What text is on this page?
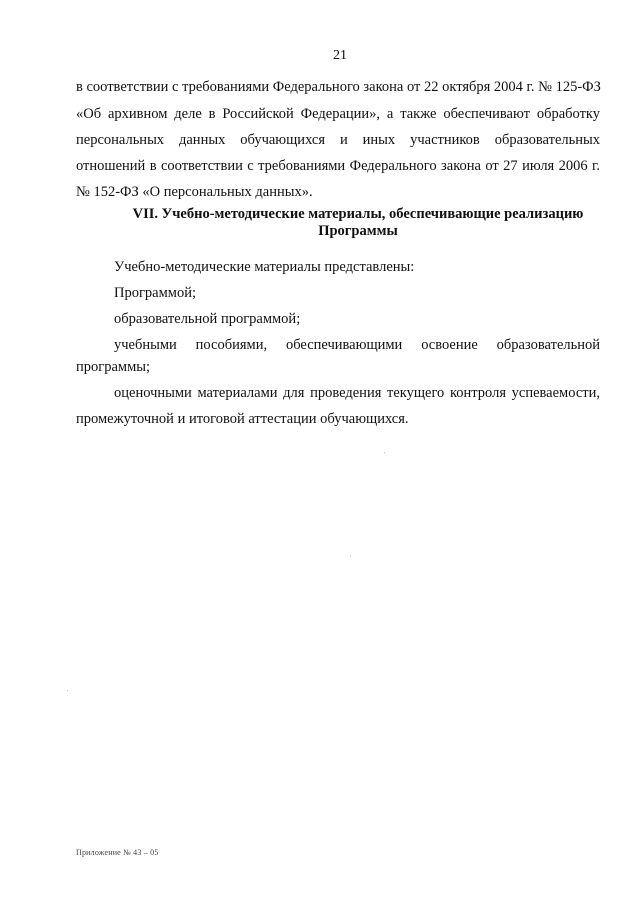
21
в соответствии с требованиями Федерального закона от 22 октября 2004 г. № 125-ФЗ
«Об архивном деле в Российской Федерации», а также обеспечивают обработку
персональных данных обучающихся и иных участников образовательных
отношений в соответствии с требованиями Федерального закона от 27 июля 2006 г.
№ 152-ФЗ «О персональных данных».
VII. Учебно-методические материалы, обеспечивающие реализацию
Программы
Учебно-методические материалы представлены:
Программой;
образовательной программой;
учебными пособиями, обеспечивающими освоение образовательной
программы;
оценочными материалами для проведения текущего контроля успеваемости,
промежуточной и итоговой аттестации обучающихся.
Приложение № 43 – 05
